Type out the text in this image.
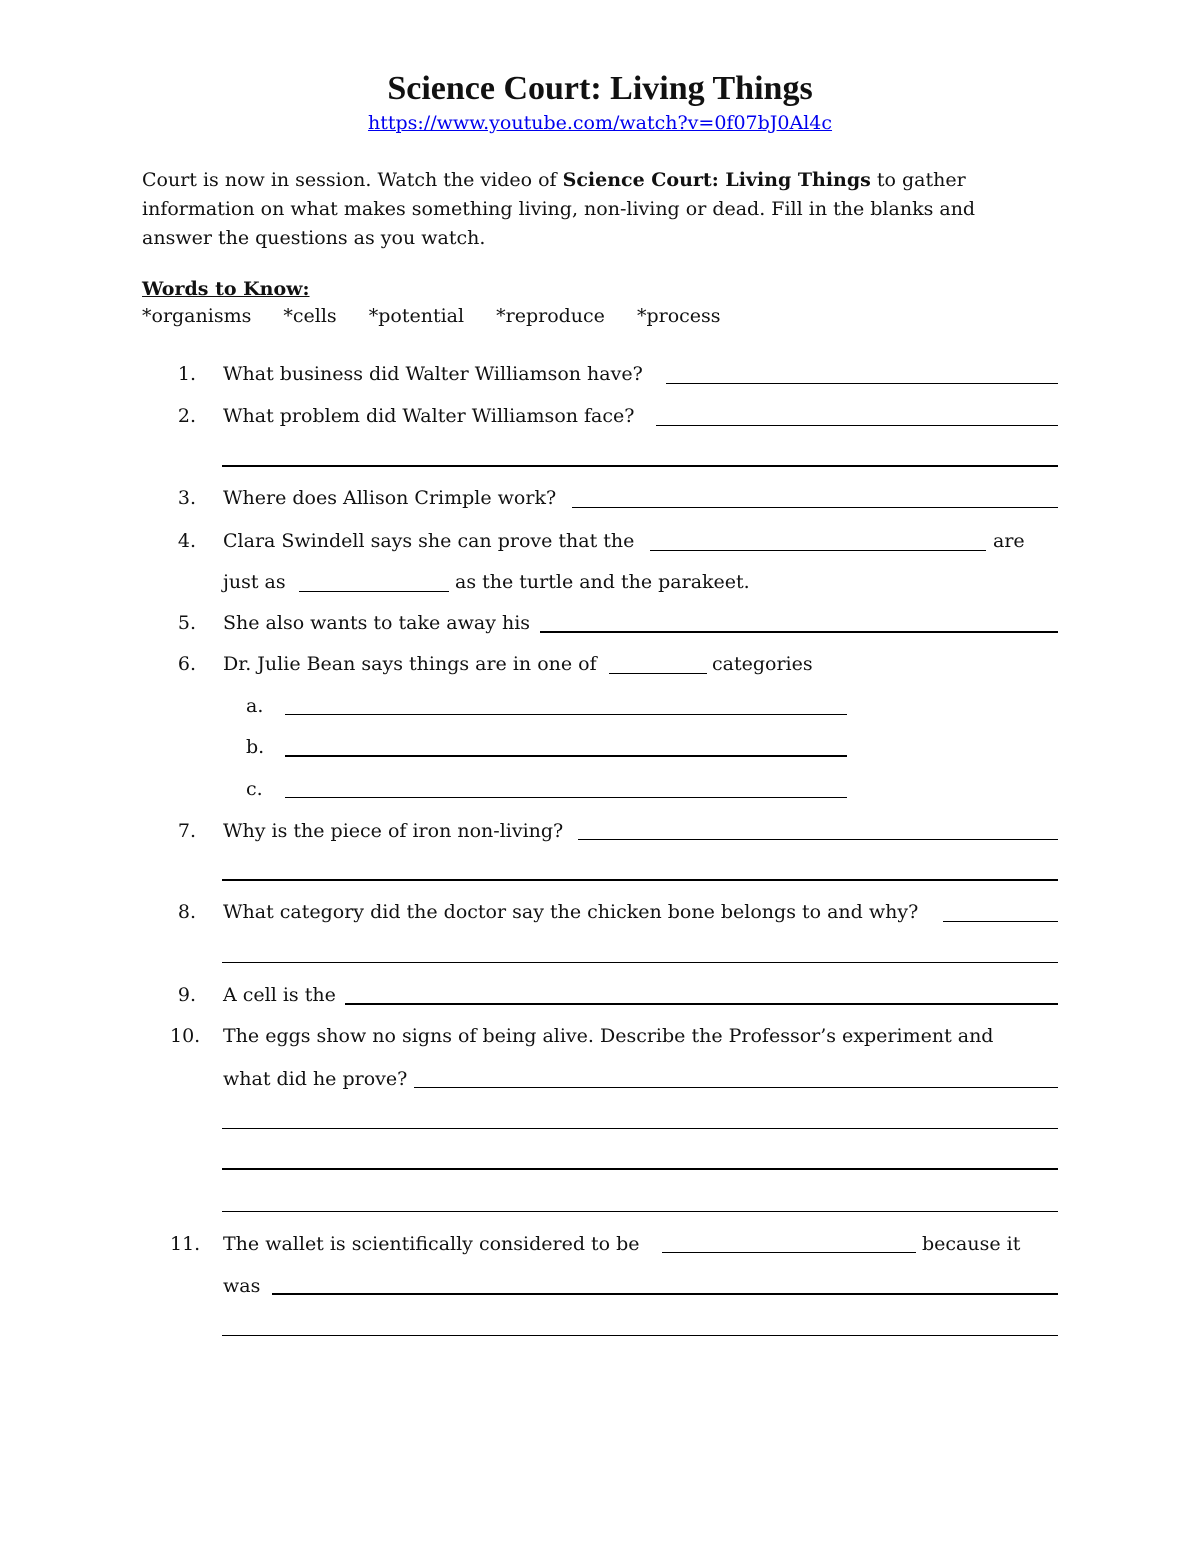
Science Court: Living Things
https://www.youtube.com/watch?v=0f07bJ0Al4c
Court is now in session. Watch the video of Science Court: Living Things to gather information on what makes something living, non-living or dead. Fill in the blanks and answer the questions as you watch.
Words to Know:
*organisms *cells *potential *reproduce *process
1. What business did Walter Williamson have?
2. What problem did Walter Williamson face?
3. Where does Allison Crimple work?
4. Clara Swindell says she can prove that the	are
just as	as the turtle and the parakeet.
5. She also wants to take away his
6. Dr. Julie Bean says things are in one of	categories
a.
b.
c.
7. Why is the piece of iron non-living?
8. What category did the doctor say the chicken bone belongs to and why?
9. A cell is the
10. The eggs show no signs of being alive. Describe the Professor’s experiment and
what did he prove?
11. The wallet is scientifically considered to be	because it
was
